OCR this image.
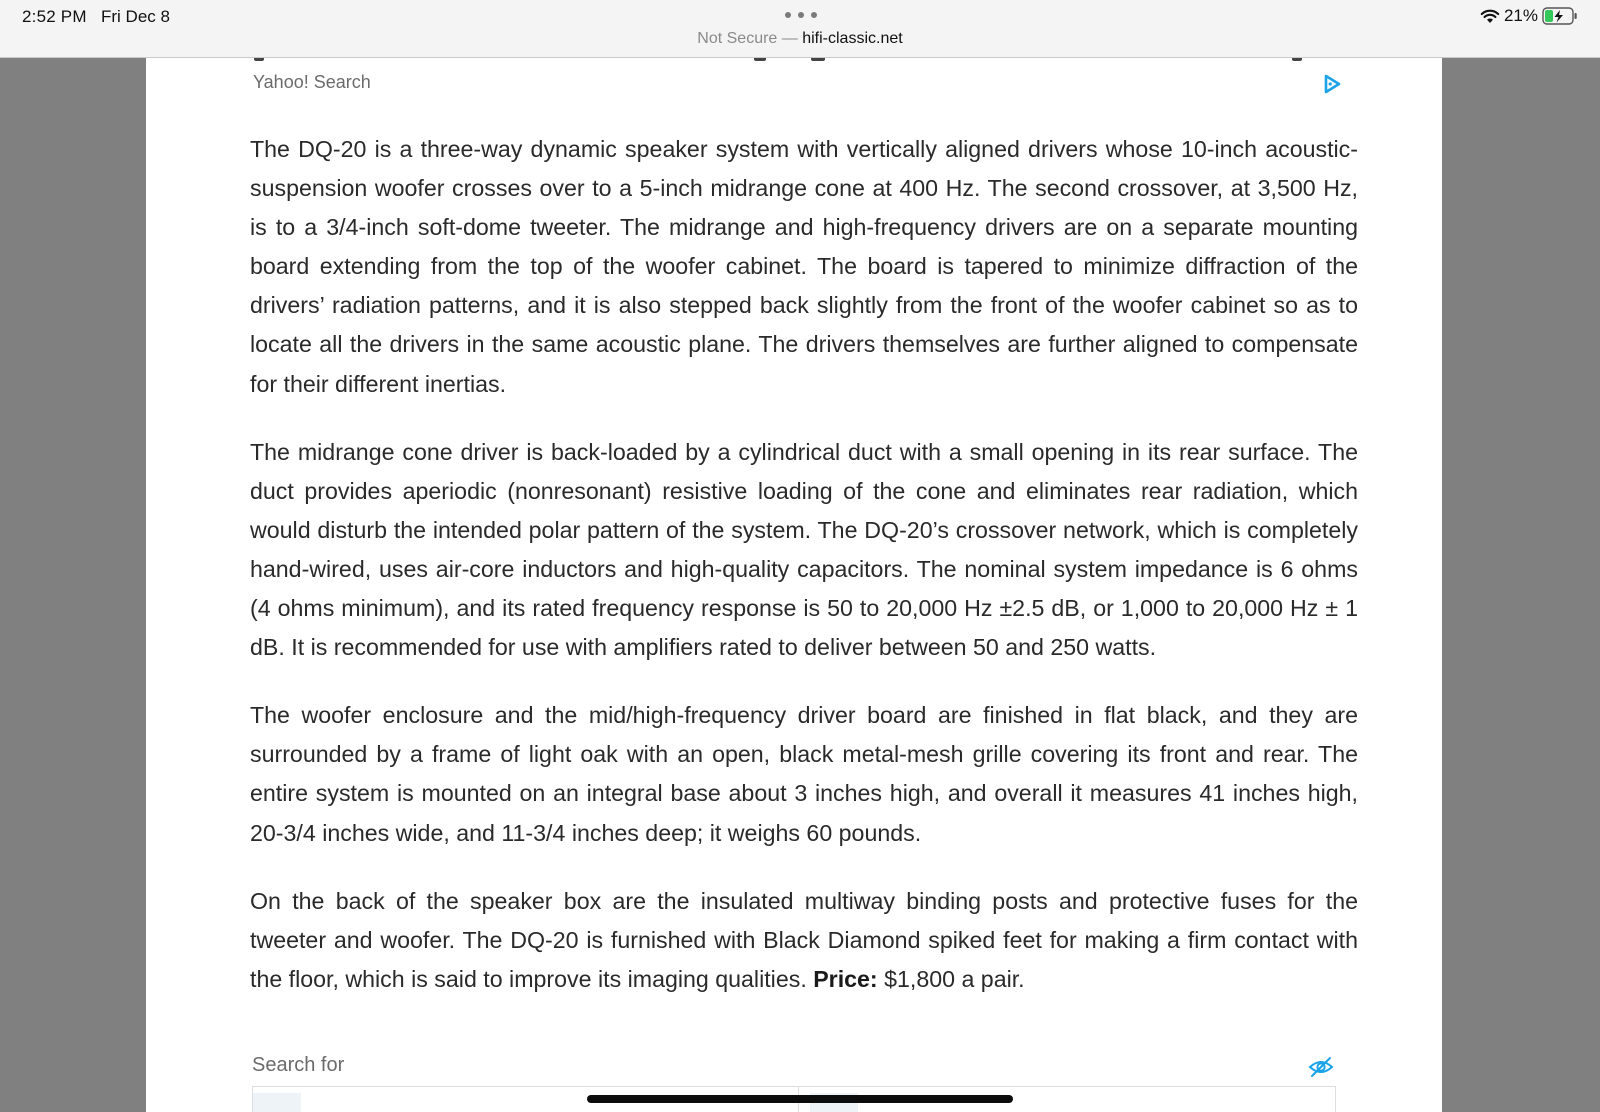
2:52 PM Fri Dec 8
Not Secure — hifi-classic.net
21%
Yahoo! Search

The DQ-20 is a three-way dynamic speaker system with vertically aligned drivers whose 10-inch acoustic-suspension woofer crosses over to a 5-inch midrange cone at 400 Hz. The second crossover, at 3,500 Hz, is to a 3/4-inch soft-dome tweeter. The midrange and high-frequency drivers are on a separate mounting board extending from the top of the woofer cabinet. The board is tapered to minimize diffraction of the drivers’ radiation patterns, and it is also stepped back slightly from the front of the woofer cabinet so as to locate all the drivers in the same acoustic plane. The drivers themselves are further aligned to compensate for their different inertias.

The midrange cone driver is back-loaded by a cylindrical duct with a small opening in its rear surface. The duct provides aperiodic (nonresonant) resistive loading of the cone and eliminates rear radiation, which would disturb the intended polar pattern of the system. The DQ-20’s crossover network, which is completely hand-wired, uses air-core inductors and high-quality capacitors. The nominal system impedance is 6 ohms (4 ohms minimum), and its rated frequency response is 50 to 20,000 Hz ±2.5 dB, or 1,000 to 20,000 Hz ± 1 dB. It is recommended for use with amplifiers rated to deliver between 50 and 250 watts.

The woofer enclosure and the mid/high-frequency driver board are finished in flat black, and they are surrounded by a frame of light oak with an open, black metal-mesh grille covering its front and rear. The entire system is mounted on an integral base about 3 inches high, and overall it measures 41 inches high, 20-3/4 inches wide, and 11-3/4 inches deep; it weighs 60 pounds.

On the back of the speaker box are the insulated multiway binding posts and protective fuses for the tweeter and woofer. The DQ-20 is furnished with Black Diamond spiked feet for making a firm contact with the floor, which is said to improve its imaging qualities. Price: $1,800 a pair.

Search for
